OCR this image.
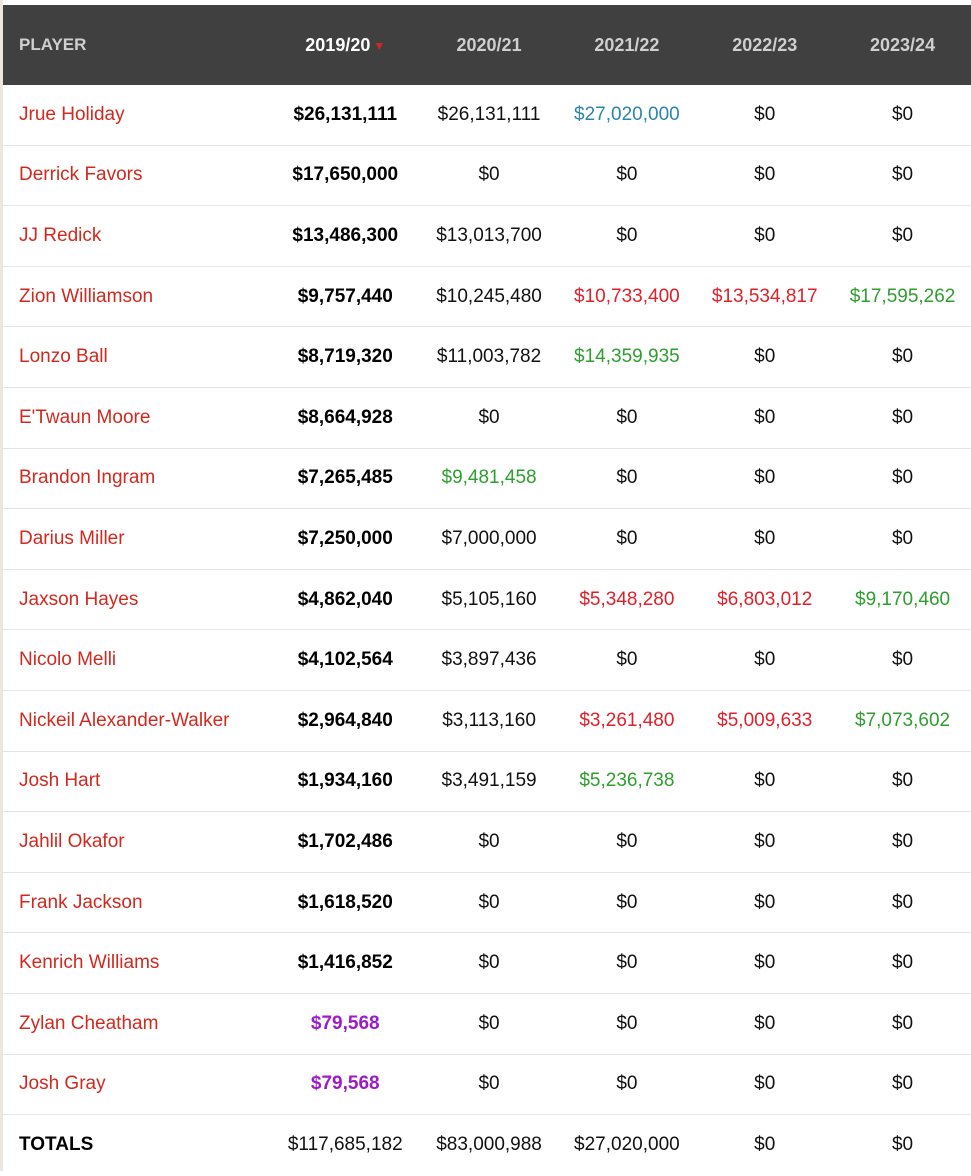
PLAYER	2019/20 ▼	2020/21	2021/22	2022/23	2023/24
Jrue Holiday	$26,131,111	$26,131,111	$27,020,000	$0	$0
Derrick Favors	$17,650,000	$0	$0	$0	$0
JJ Redick	$13,486,300	$13,013,700	$0	$0	$0
Zion Williamson	$9,757,440	$10,245,480	$10,733,400	$13,534,817	$17,595,262
Lonzo Ball	$8,719,320	$11,003,782	$14,359,935	$0	$0
E'Twaun Moore	$8,664,928	$0	$0	$0	$0
Brandon Ingram	$7,265,485	$9,481,458	$0	$0	$0
Darius Miller	$7,250,000	$7,000,000	$0	$0	$0
Jaxson Hayes	$4,862,040	$5,105,160	$5,348,280	$6,803,012	$9,170,460
Nicolo Melli	$4,102,564	$3,897,436	$0	$0	$0
Nickeil Alexander-Walker	$2,964,840	$3,113,160	$3,261,480	$5,009,633	$7,073,602
Josh Hart	$1,934,160	$3,491,159	$5,236,738	$0	$0
Jahlil Okafor	$1,702,486	$0	$0	$0	$0
Frank Jackson	$1,618,520	$0	$0	$0	$0
Kenrich Williams	$1,416,852	$0	$0	$0	$0
Zylan Cheatham	$79,568	$0	$0	$0	$0
Josh Gray	$79,568	$0	$0	$0	$0
TOTALS	$117,685,182	$83,000,988	$27,020,000	$0	$0
